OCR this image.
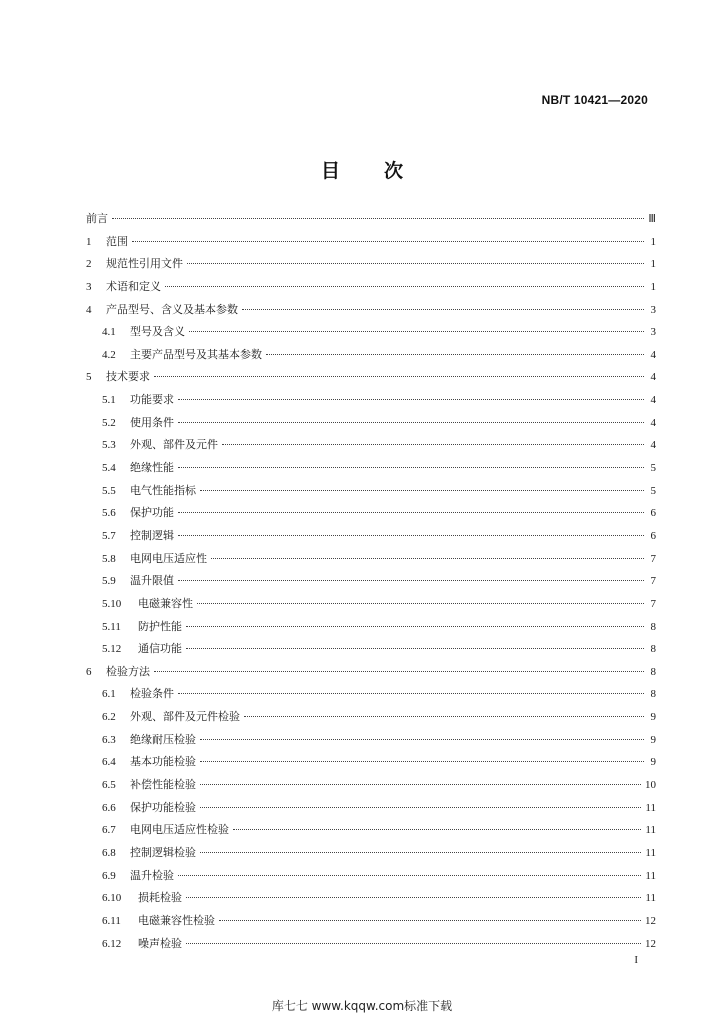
NB/T 10421—2020
目 次
前言	Ⅲ
1	范围	1
2	规范性引用文件	1
3	术语和定义	1
4	产品型号、含义及基本参数	3
4.1	型号及含义	3
4.2	主要产品型号及其基本参数	4
5	技术要求	4
5.1	功能要求	4
5.2	使用条件	4
5.3	外观、部件及元件	4
5.4	绝缘性能	5
5.5	电气性能指标	5
5.6	保护功能	6
5.7	控制逻辑	6
5.8	电网电压适应性	7
5.9	温升限值	7
5.10	电磁兼容性	7
5.11	防护性能	8
5.12	通信功能	8
6	检验方法	8
6.1	检验条件	8
6.2	外观、部件及元件检验	9
6.3	绝缘耐压检验	9
6.4	基本功能检验	9
6.5	补偿性能检验	10
6.6	保护功能检验	11
6.7	电网电压适应性检验	11
6.8	控制逻辑检验	11
6.9	温升检验	11
6.10	损耗检验	11
6.11	电磁兼容性检验	12
6.12	噪声检验	12
I
库七七 www.kqqw.com标准下载
